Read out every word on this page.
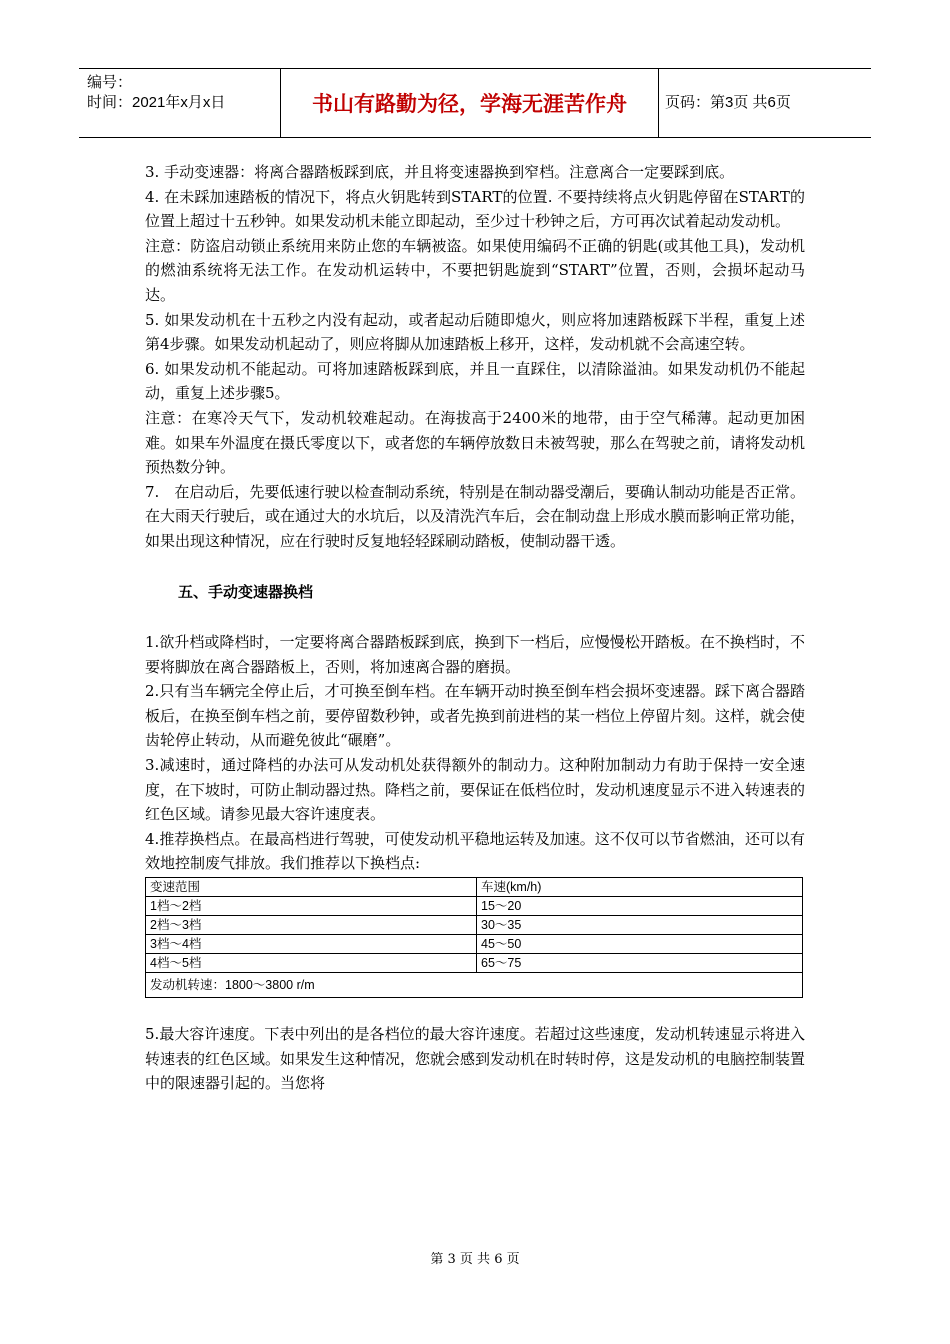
编号：
时间：2021年x月x日	书山有路勤为径，学海无涯苦作舟	页码：第3页 共6页

3. 手动变速器：将离合器踏板踩到底，并且将变速器换到窄档。注意离合一定要踩到底。

4. 在未踩加速踏板的情况下，将点火钥匙转到START的位置. 不要持续将点火钥匙停留在START的位置上超过十五秒钟。如果发动机未能立即起动，至少过十秒钟之后，方可再次试着起动发动机。

注意：防盗启动锁止系统用来防止您的车辆被盗。如果使用编码不正确的钥匙(或其他工具)，发动机的燃油系统将无法工作。在发动机运转中，不要把钥匙旋到“START”位置，否则，会损坏起动马达。

5. 如果发动机在十五秒之内没有起动，或者起动后随即熄火，则应将加速踏板踩下半程，重复上述第4步骤。如果发动机起动了，则应将脚从加速踏板上移开，这样，发动机就不会高速空转。

6. 如果发动机不能起动。可将加速踏板踩到底，并且一直踩住，以清除溢油。如果发动机仍不能起动，重复上述步骤5。

注意：在寒冷天气下，发动机较难起动。在海拔高于2400米的地带，由于空气稀薄。起动更加困难。如果车外温度在摄氏零度以下，或者您的车辆停放数日未被驾驶，那么在驾驶之前，请将发动机预热数分钟。

7.　在启动后，先要低速行驶以检查制动系统，特别是在制动器受潮后，要确认制动功能是否正常。在大雨天行驶后，或在通过大的水坑后，以及清洗汽车后，会在制动盘上形成水膜而影响正常功能，如果出现这种情况，应在行驶时反复地轻轻踩刷动踏板，使制动器干透。

五、手动变速器换档

1.欲升档或降档时，一定要将离合器踏板踩到底，换到下一档后，应慢慢松开踏板。在不换档时，不要将脚放在离合器踏板上，否则，将加速离合器的磨损。

2.只有当车辆完全停止后，才可换至倒车档。在车辆开动时换至倒车档会损坏变速器。踩下离合器踏板后，在换至倒车档之前，要停留数秒钟，或者先换到前进档的某一档位上停留片刻。这样，就会使齿轮停止转动，从而避免彼此“碾磨”。

3.减速时，通过降档的办法可从发动机处获得额外的制动力。这种附加制动力有助于保持一安全速度，在下坡时，可防止制动器过热。降档之前，要保证在低档位时，发动机速度显示不进入转速表的红色区域。请参见最大容许速度表。

4.推荐换档点。在最高档进行驾驶，可使发动机平稳地运转及加速。这不仅可以节省燃油，还可以有效地控制废气排放。我们推荐以下换档点:

变速范围	车速(km/h)
1档～2档	15～20
2档～3档	30～35
3档～4档	45～50
4档～5档	65～75
发动机转速：1800～3800 r/m	

5.最大容许速度。下表中列出的是各档位的最大容许速度。若超过这些速度，发动机转速显示将进入转速表的红色区域。如果发生这种情况，您就会感到发动机在时转时停，这是发动机的电脑控制装置中的限速器引起的。当您将

第 3 页 共 6 页
